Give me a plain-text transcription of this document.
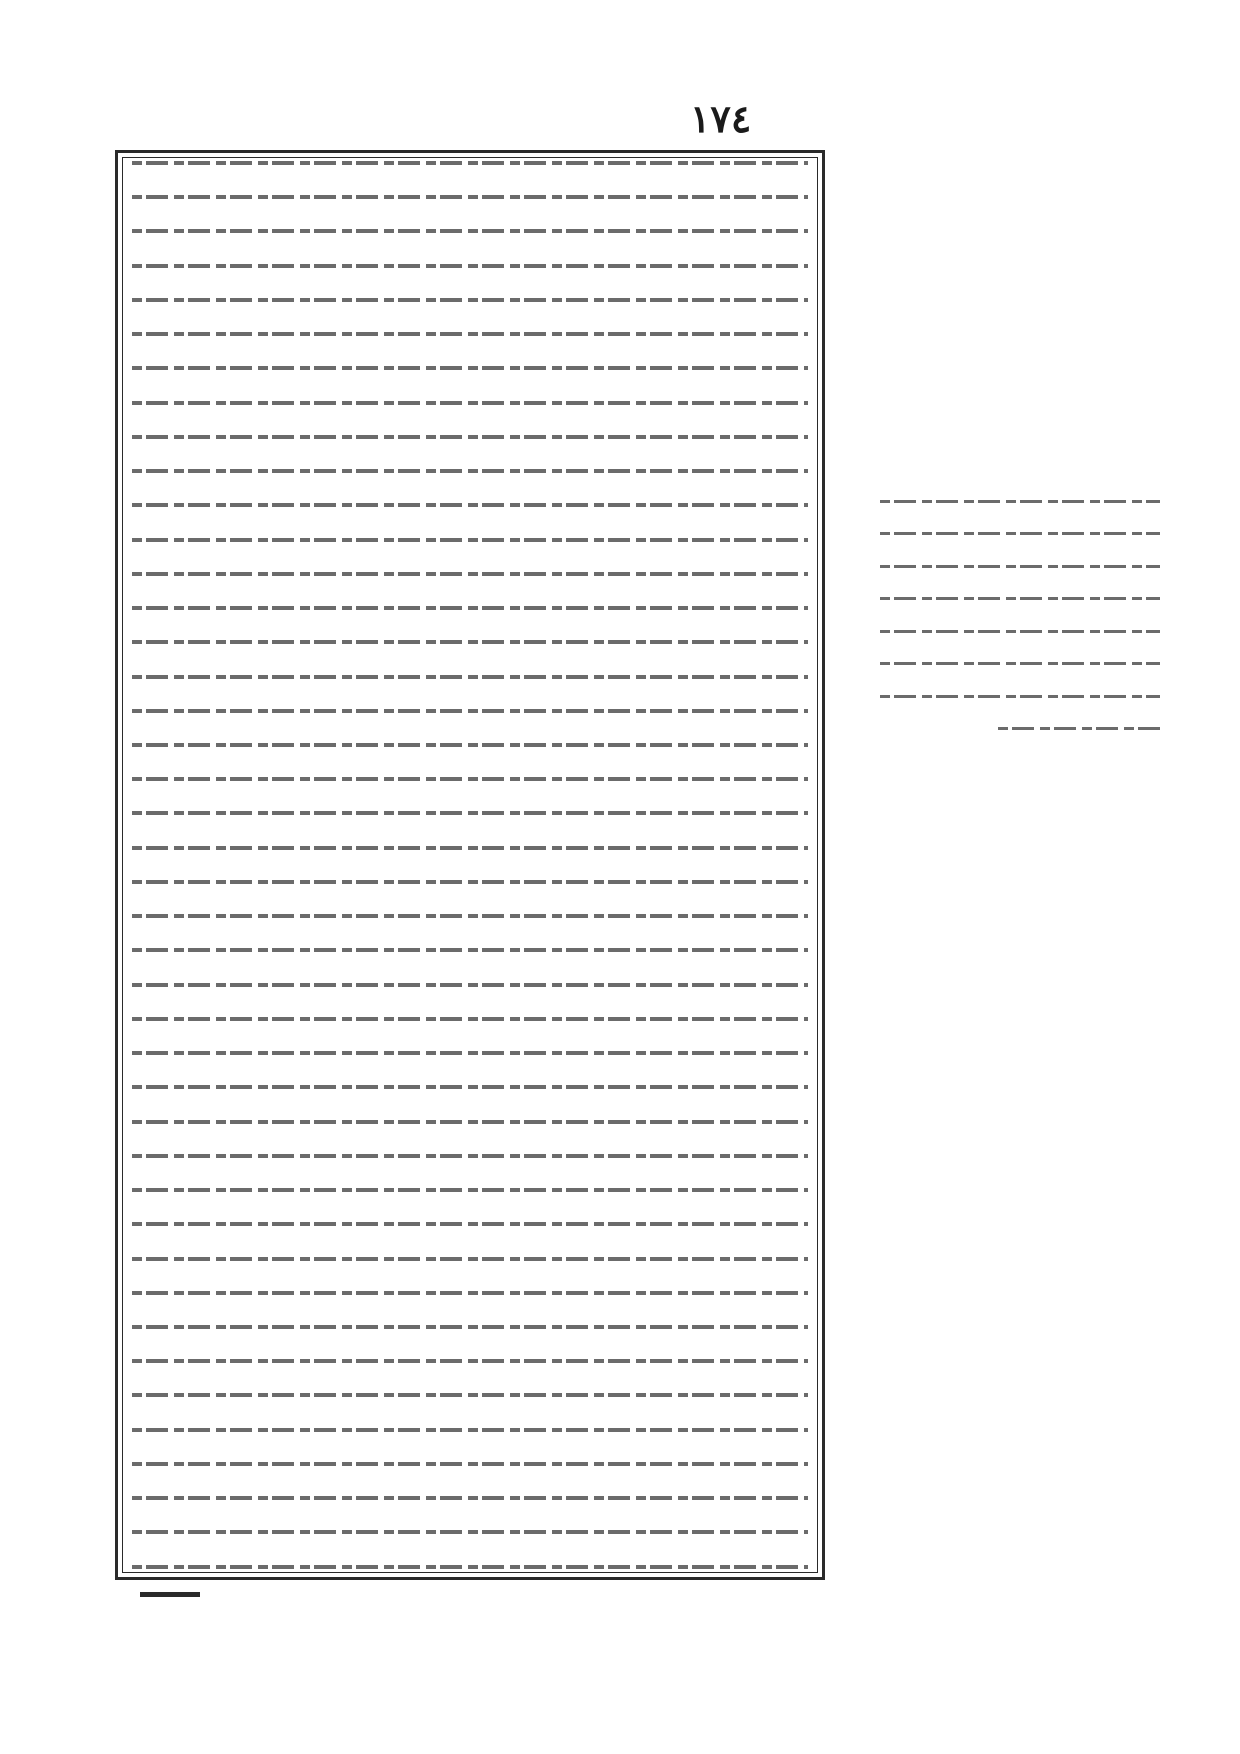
١٧٤
